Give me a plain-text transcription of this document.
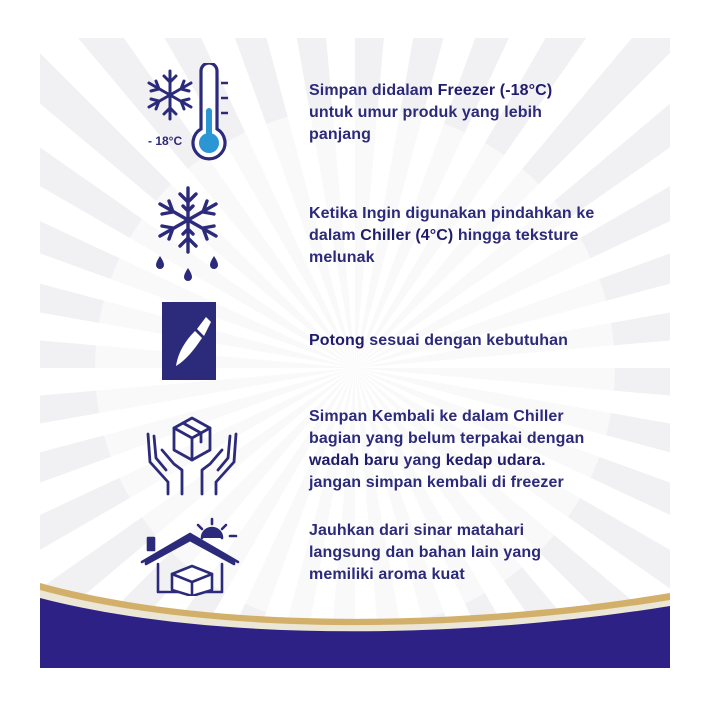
- 18°C
Simpan didalam Freezer (-18°C)
untuk umur produk yang lebih
panjang
Ketika Ingin digunakan pindahkan ke
dalam Chiller (4°C) hingga teksture
melunak
Potong sesuai dengan kebutuhan
Simpan Kembali ke dalam Chiller
bagian yang belum terpakai dengan
wadah baru yang kedap udara.
jangan simpan kembali di freezer
Jauhkan dari sinar matahari
langsung dan bahan lain yang
memiliki aroma kuat
